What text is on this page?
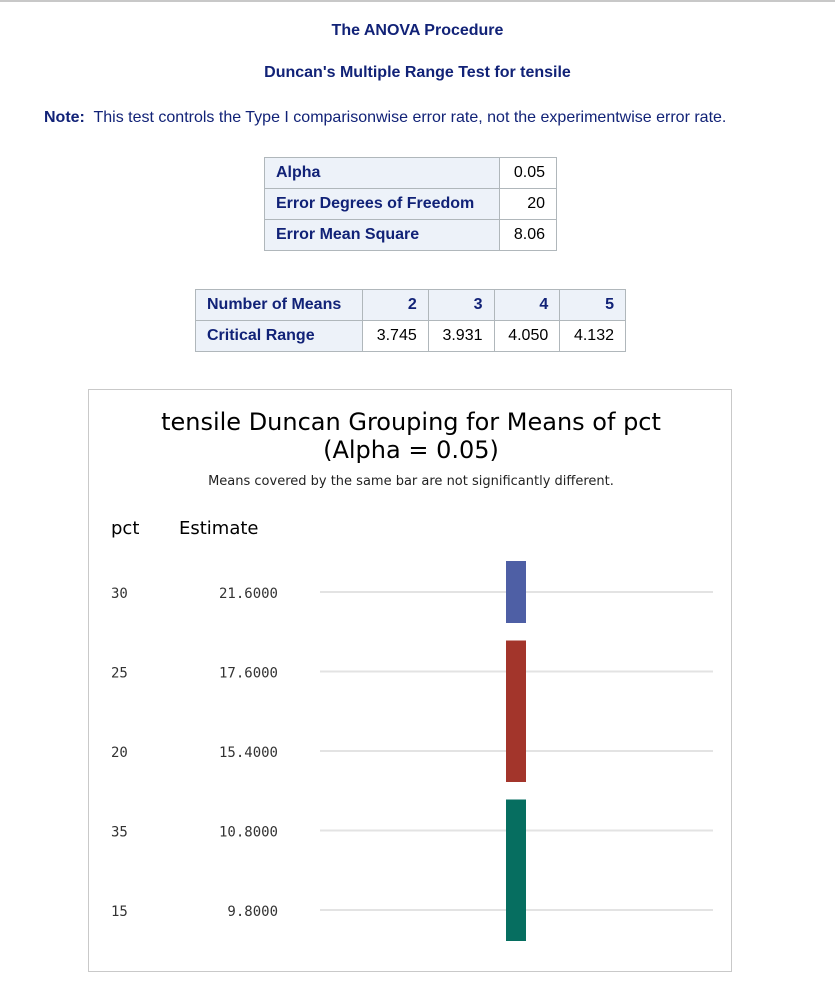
The ANOVA Procedure
Duncan's Multiple Range Test for tensile
Note: This test controls the Type I comparisonwise error rate, not the experimentwise error rate.
Alpha	0.05
Error Degrees of Freedom	20
Error Mean Square	8.06
Number of Means	2	3	4	5
Critical Range	3.745	3.931	4.050	4.132
tensile Duncan Grouping for Means of pct
(Alpha = 0.05)
Means covered by the same bar are not significantly different.
pct Estimate
30	21.6000
25	17.6000
20	15.4000
35	10.8000
15	9.8000
